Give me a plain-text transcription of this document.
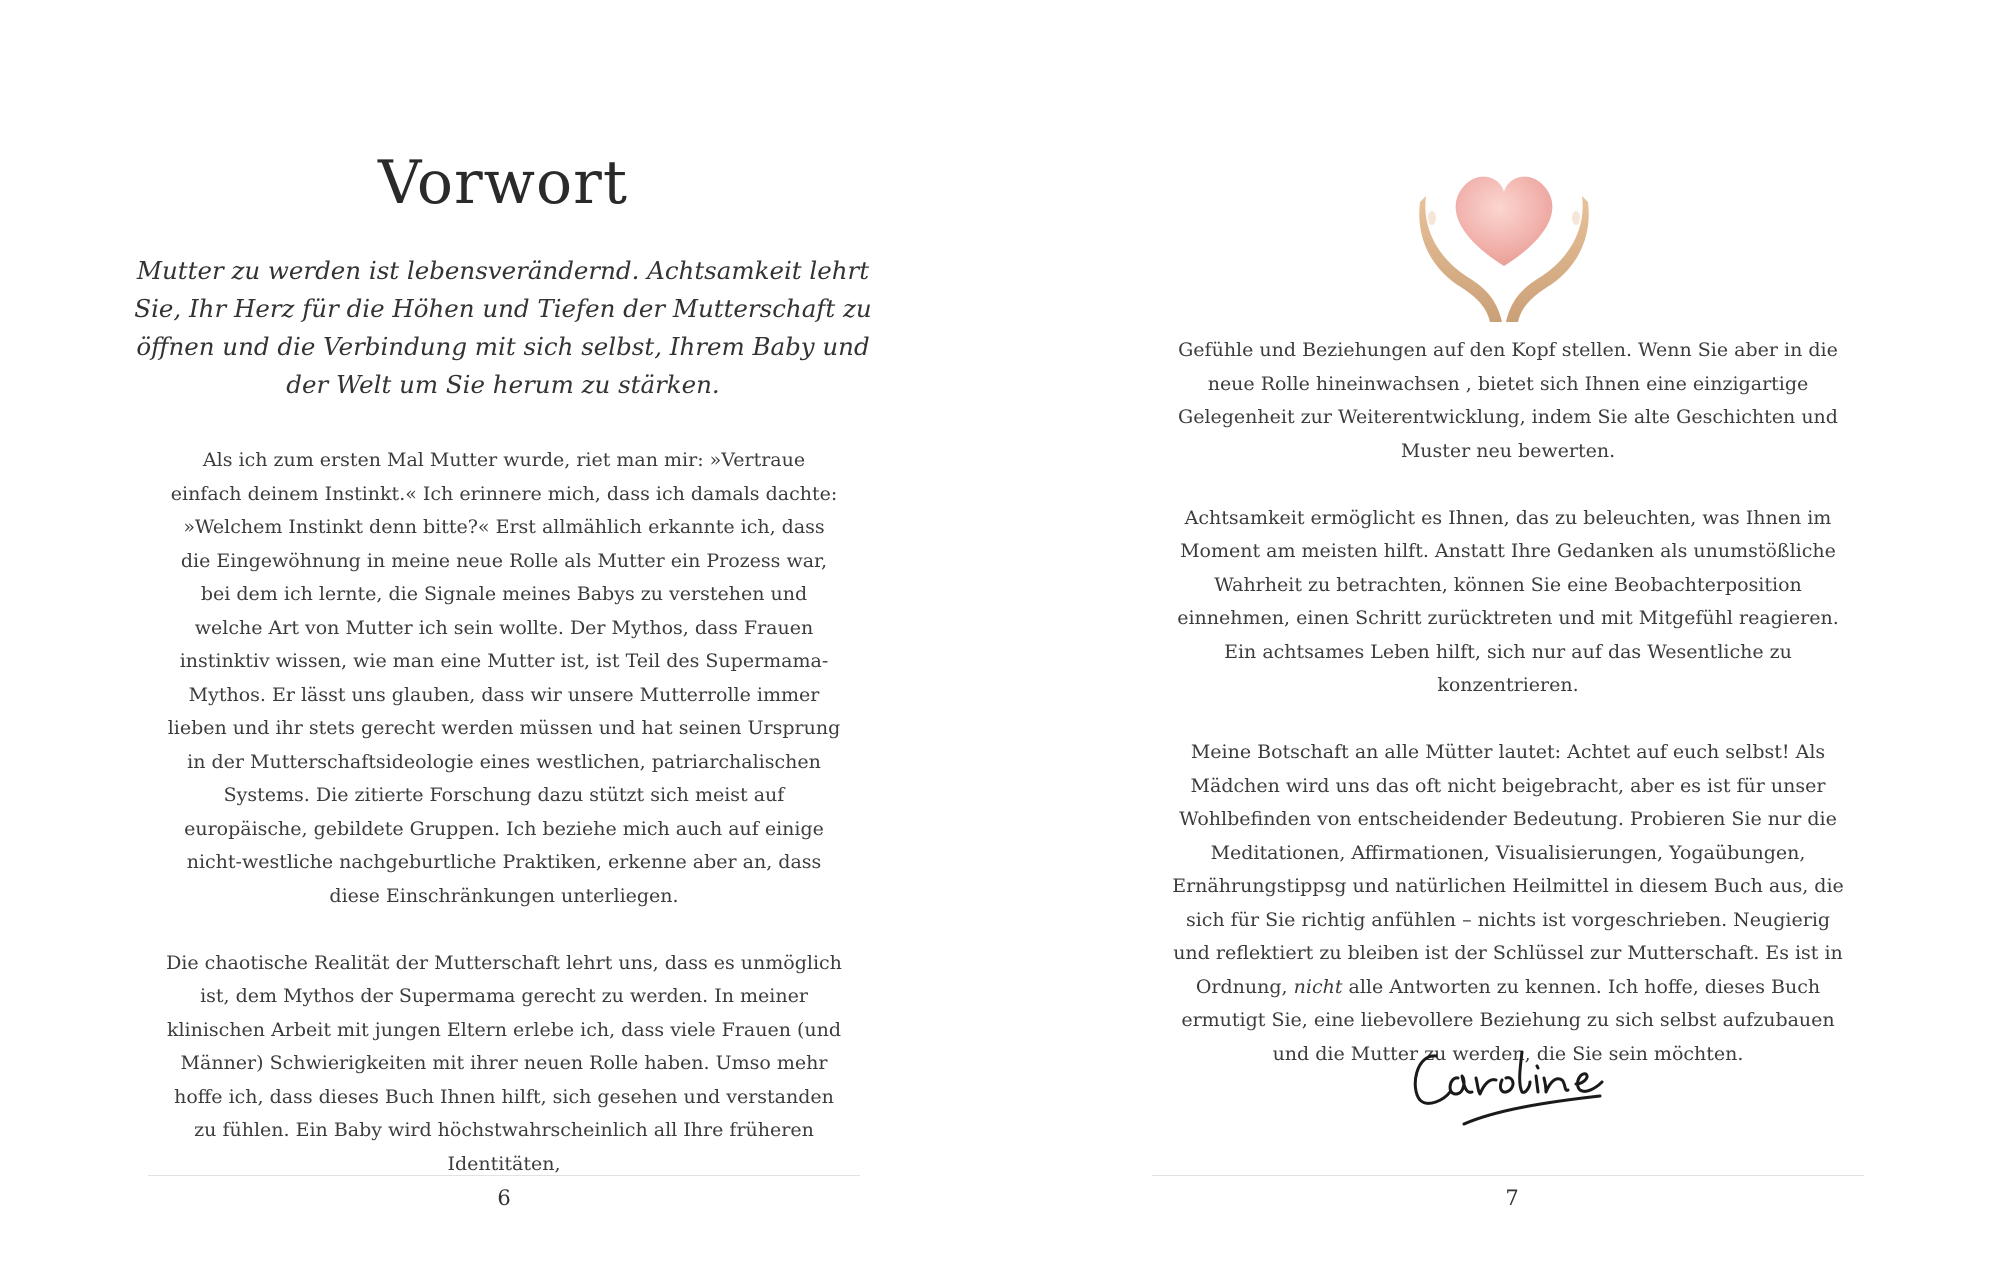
Vorwort

Mutter zu werden ist lebensverändernd. Achtsamkeit lehrt Sie, Ihr Herz für die Höhen und Tiefen der Mutterschaft zu öffnen und die Verbindung mit sich selbst, Ihrem Baby und der Welt um Sie herum zu stärken.

Als ich zum ersten Mal Mutter wurde, riet man mir: »Vertraue einfach deinem Instinkt.« Ich erinnere mich, dass ich damals dachte: »Welchem Instinkt denn bitte?« Erst allmählich erkannte ich, dass die Eingewöhnung in meine neue Rolle als Mutter ein Prozess war, bei dem ich lernte, die Signale meines Babys zu verstehen und welche Art von Mutter ich sein wollte. Der Mythos, dass Frauen instinktiv wissen, wie man eine Mutter ist, ist Teil des Supermama-Mythos. Er lässt uns glauben, dass wir unsere Mutterrolle immer lieben und ihr stets gerecht werden müssen und hat seinen Ursprung in der Mutterschaftsideologie eines westlichen, patriarchalischen Systems. Die zitierte Forschung dazu stützt sich meist auf europäische, gebildete Gruppen. Ich beziehe mich auch auf einige nicht-westliche nachgeburtliche Praktiken, erkenne aber an, dass diese Einschränkungen unterliegen.

Die chaotische Realität der Mutterschaft lehrt uns, dass es unmöglich ist, dem Mythos der Supermama gerecht zu werden. In meiner klinischen Arbeit mit jungen Eltern erlebe ich, dass viele Frauen (und Männer) Schwierigkeiten mit ihrer neuen Rolle haben. Umso mehr hoffe ich, dass dieses Buch Ihnen hilft, sich gesehen und verstanden zu fühlen. Ein Baby wird höchstwahrscheinlich all Ihre früheren Identitäten,

6

Gefühle und Beziehungen auf den Kopf stellen. Wenn Sie aber in die neue Rolle hineinwachsen , bietet sich Ihnen eine einzigartige Gelegenheit zur Weiterentwicklung, indem Sie alte Geschichten und Muster neu bewerten.

Achtsamkeit ermöglicht es Ihnen, das zu beleuchten, was Ihnen im Moment am meisten hilft. Anstatt Ihre Gedanken als unumstößliche Wahrheit zu betrachten, können Sie eine Beobachterposition einnehmen, einen Schritt zurücktreten und mit Mitgefühl reagieren. Ein achtsames Leben hilft, sich nur auf das Wesentliche zu konzentrieren.

Meine Botschaft an alle Mütter lautet: Achtet auf euch selbst! Als Mädchen wird uns das oft nicht beigebracht, aber es ist für unser Wohlbefinden von entscheidender Bedeutung. Probieren Sie nur die Meditationen, Affirmationen, Visualisierungen, Yogaübungen, Ernährungstippsg und natürlichen Heilmittel in diesem Buch aus, die sich für Sie richtig anfühlen – nichts ist vorgeschrieben. Neugierig und reflektiert zu bleiben ist der Schlüssel zur Mutterschaft. Es ist in Ordnung, nicht alle Antworten zu kennen. Ich hoffe, dieses Buch ermutigt Sie, eine liebevollere Beziehung zu sich selbst aufzubauen und die Mutter zu werden, die Sie sein möchten.

7
